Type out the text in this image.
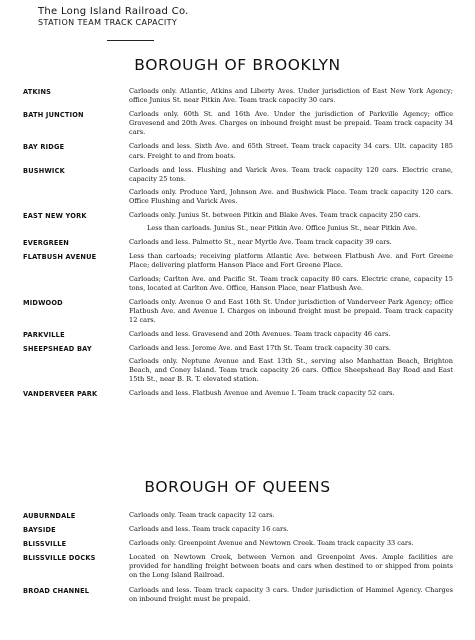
The Long Island Railroad Co.
STATION TEAM TRACK CAPACITY
BOROUGH OF BROOKLYN
ATKINS	Carloads only. Atlantic, Atkins and Liberty Aves. Under jurisdiction of East New York Agency; office Junius St. near Pitkin Ave. Team track capacity 30 cars.
BATH JUNCTION	Carloads only. 60th St. and 16th Ave. Under the jurisdiction of Parkville Agency; office Gravesend and 20th Aves. Charges on inbound freight must be prepaid. Team track capacity 34 cars.
BAY RIDGE	Carloads and less. Sixth Ave. and 65th Street. Team track capacity 34 cars. Ult. capacity 185 cars. Freight to and from boats.
BUSHWICK	Carloads and less. Flushing and Varick Aves. Team track capacity 120 cars. Electric crane, capacity 25 tons.
Carloads only. Produce Yard, Johnson Ave. and Bushwick Place. Team track capacity 120 cars. Office Flushing and Varick Aves.
EAST NEW YORK	Carloads only. Junius St. between Pitkin and Blake Aves. Team track capacity 250 cars.
Less than carloads. Junius St., near Pitkin Ave. Office Junius St., near Pitkin Ave.
EVERGREEN	Carloads and less. Palmetto St., near Myrtle Ave. Team track capacity 39 cars.
FLATBUSH AVENUE	Less than carloads; receiving platform Atlantic Ave. between Flatbush Ave. and Fort Greene Place; delivering platform Hanson Place and Fort Greene Place.
Carloads; Carlton Ave. and Pacific St. Team track capacity 80 cars. Electric crane, capacity 15 tons, located at Carlton Ave. Office, Hanson Place, near Flatbush Ave.
MIDWOOD	Carloads only. Avenue O and East 16th St. Under jurisdiction of Vanderveer Park Agency; office Flatbush Ave. and Avenue I. Charges on inbound freight must be prepaid. Team track capacity 12 cars.
PARKVILLE	Carloads and less. Gravesend and 20th Avenues. Team track capacity 46 cars.
SHEEPSHEAD BAY	Carloads and less. Jerome Ave. and East 17th St. Team track capacity 30 cars.
Carloads only. Neptune Avenue and East 13th St., serving also Manhattan Beach, Brighton Beach, and Coney Island. Team track capacity 26 cars. Office Sheepshead Bay Road and East 15th St., near B. R. T. elevated station.
VANDERVEER PARK	Carloads and less. Flatbush Avenue and Avenue I. Team track capacity 52 cars.
BOROUGH OF QUEENS
AUBURNDALE	Carloads only. Team track capacity 12 cars.
BAYSIDE	Carloads and less. Team track capacity 16 cars.
BLISSVILLE	Carloads only. Greenpoint Avenue and Newtown Creek. Team track capacity 33 cars.
BLISSVILLE DOCKS	Located on Newtown Creek, between Vernon and Greenpoint Aves. Ample facilities are provided for handling freight between boats and cars when destined to or shipped from points on the Long Island Railroad.
BROAD CHANNEL	Carloads and less. Team track capacity 3 cars. Under jurisdiction of Hammel Agency. Charges on inbound freight must be prepaid.
